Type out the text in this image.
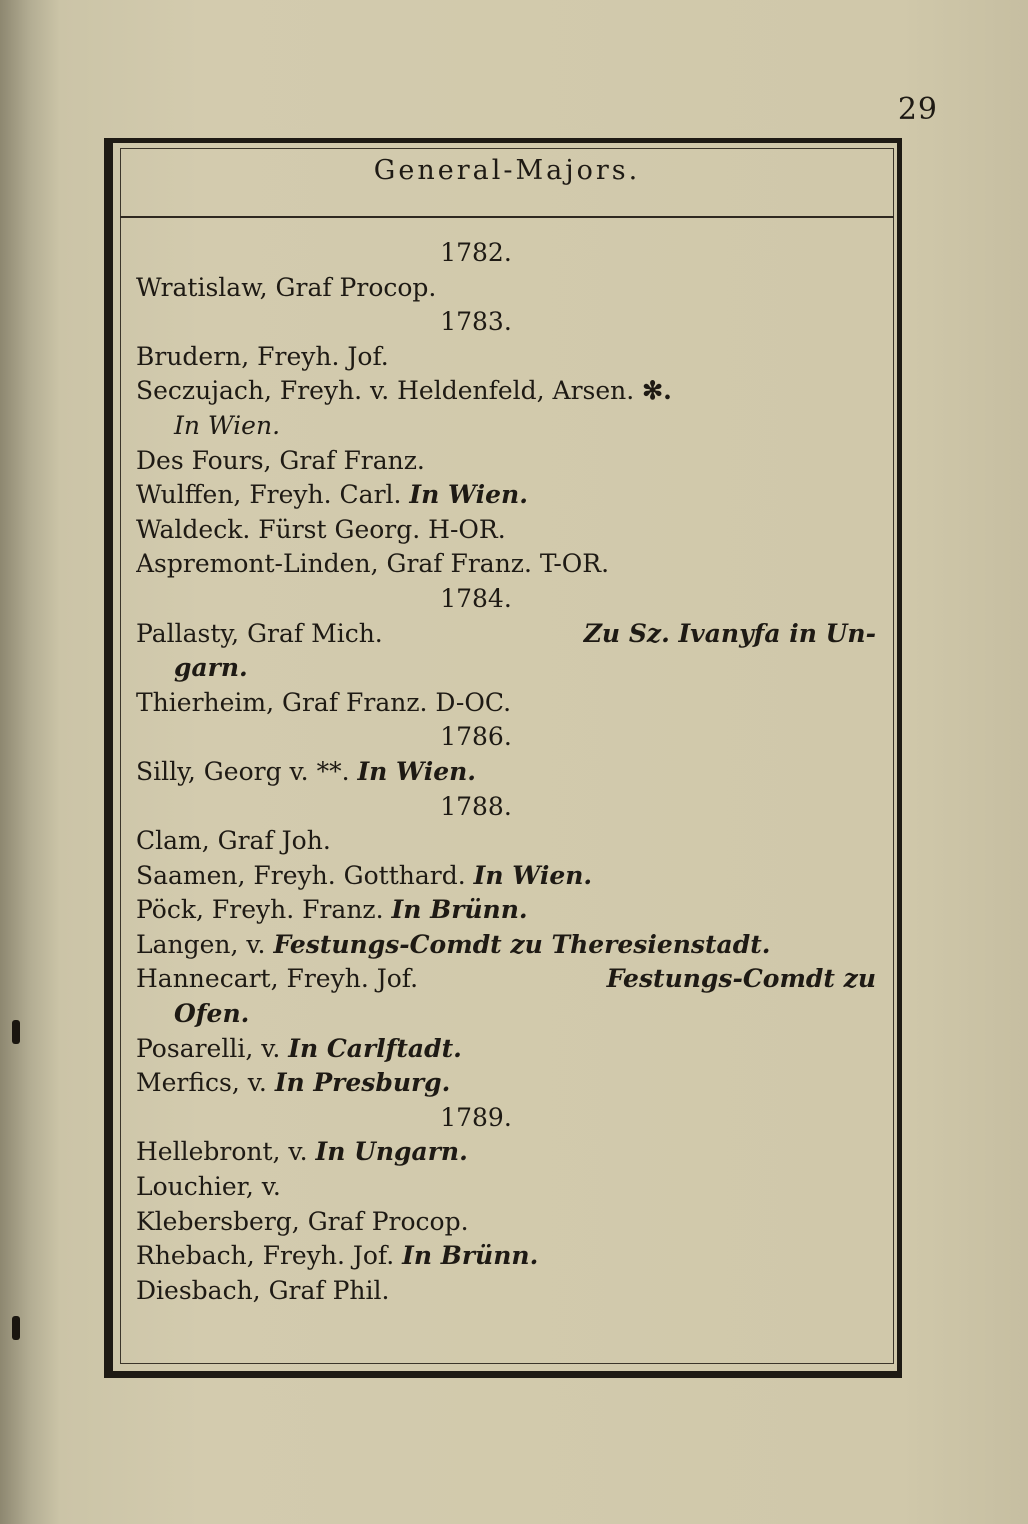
29
General-Majors.
1782.
Wratislaw, Graf Procop.
1783.
Brudern, Freyh. Jof.
Seczujach, Freyh. v. Heldenfeld, Arsen. ✻.
In Wien.
Des Fours, Graf Franz.
Wulffen, Freyh. Carl. In Wien.
Waldeck. Fürst Georg. H-OR.
Aspremont-Linden, Graf Franz. T-OR.
1784.
Pallasty, Graf Mich.	Zu Sz. Ivanyfa in Un-
garn.
Thierheim, Graf Franz. D-OC.
1786.
Silly, Georg v. **. In Wien.
1788.
Clam, Graf Joh.
Saamen, Freyh. Gotthard. In Wien.
Pöck, Freyh. Franz. In Brünn.
Langen, v. Festungs-Comdt zu Theresienstadt.
Hannecart, Freyh. Jof.	Festungs-Comdt zu
Ofen.
Posarelli, v. In Carlftadt.
Merfics, v. In Presburg.
1789.
Hellebront, v. In Ungarn.
Louchier, v.
Klebersberg, Graf Procop.
Rhebach, Freyh. Jof. In Brünn.
Diesbach, Graf Phil.
